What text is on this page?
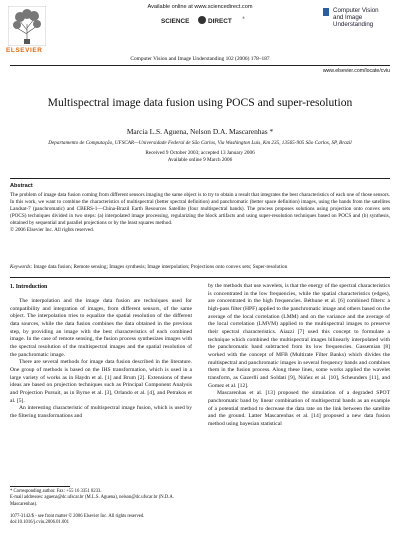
ELSEVIER
Available online at www.sciencedirect.com
SCIENCE	DIRECT	®
Computer Vision
and Image
Understanding
Computer Vision and Image Understanding 102 (2006) 178–187
www.elsevier.com/locate/cviu
Multispectral image data fusion using POCS and super-resolution
Marcia L.S. Aguena, Nelson D.A. Mascarenhas *
Departamento de Computação, UFSCAR—Universidade Federal de São Carlos, Via Washington Luis, Km 235, 13565-905 São Carlos, SP, Brazil
Received 9 October 2003; accepted 13 January 2006
Available online 9 March 2006
Abstract
The problem of image data fusion coming from different sensors imaging the same object is to try to obtain a result that integrates the best characteristics of each one of those sensors. In this work, we want to combine the characteristics of multispectral (better spectral definition) and panchromatic (better space definition) images, using the bands from the satellites Landsat-7 (panchromatic) and CBERS-1—China-Brazil Earth Resources Satellite (four multispectral bands). The process proposes solutions using projection onto convex sets (POCS) techniques divided in two steps: (a) interpolated image processing, regularizing the block artifacts and using super-resolution techniques based on POCS and (b) synthesis, obtained by sequential and parallel projections or by the least squares method.
© 2006 Elsevier Inc. All rights reserved.
Keywords: Image data fusion; Remote sensing; Images synthesis; Image interpolation; Projections onto convex sets; Super-resolution
1. Introduction

The interpolation and the image data fusion are techniques used for compatibility and integration of images, from different sensors, of the same object. The interpolation tries to equalize the spatial resolution of the different data sources, while the data fusion combines the data obtained in the previous step, by providing an image with the best characteristics of each combined image. In the case of remote sensing, the fusion process synthesizes images with the spectral resolution of the multispectral images and the spatial resolution of the panchromatic image.

There are several methods for image data fusion described in the literature. One group of methods is based on the IHS transformation, which is used in a large variety of works as in Haydn et al. [1] and Brum [2]. Extensions of these ideas are based on projection techniques such as Principal Component Analysis and Projection Pursuit, as in Byrne et al. [3], Orlando et al. [4], and Petrakos et al. [5].

An interesting characteristic of multispectral image fusion, which is used by the filtering transformations and

by the methods that use wavelets, is that the energy of the spectral characteristics is concentrated in the low frequencies, while the spatial characteristics (edges), are concentrated in the high frequencies. Béthune et al. [6] combined filters: a high-pass filter (HPF) applied to the panchromatic image and others based on the average of the local correlation (LMM) and on the variance and the average of the local correlation (LMVM) applied to the multispectral images to preserve their spectral characteristics. Aiazzi [7] used this concept to formulate a technique which combined the multispectral images bilinearly interpolated with the panchromatic band subtracted from its low frequencies. Gassemian [8] worked with the concept of MFB (Multirate Filter Banks) which divides the multispectral and panchromatic images in several frequency bands and combines them in the fusion process. Along these lines, some works applied the wavelet transform, as Gazerlli and Soldati [9], Núñez et al. [10], Scheunders [11], and Gomez et al. [12].

Mascarenhas et al. [13] proposed the simulation of a degraded SPOT panchromatic band by linear combination of multispectral bands as an example of a potential method to decrease the data rate on the link between the satellite and the ground. Latter Mascarenhas et al. [14] proposed a new data fusion method using bayesian statistical

* Corresponding author. Fax: +55 16 3351 8233.
E-mail addresses: aguena@dc.ufscar.br (M.L.S. Aguena), nelson@dc.ufscar.br (N.D.A. Mascarenhas).
1077-3142/$ - see front matter © 2006 Elsevier Inc. All rights reserved.
doi:10.1016/j.cviu.2006.01.001
